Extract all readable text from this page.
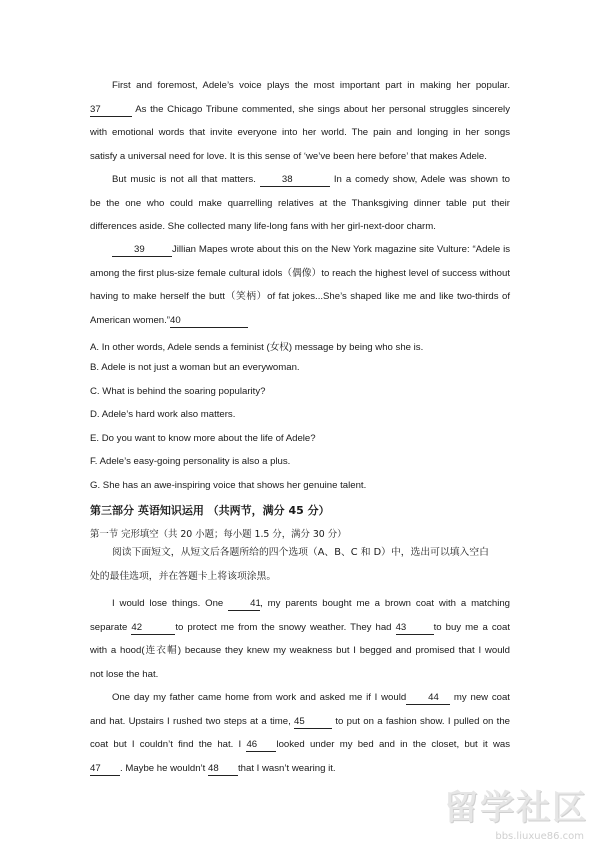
First and foremost, Adele’s voice plays the most important part in making her popular.
37	As the Chicago Tribune commented, she sings about her personal struggles sincerely
with emotional words that invite everyone into her world. The pain and longing in her songs
satisfy a universal need for love. It is this sense of ‘we’ve been here before’ that makes Adele.
But music is not all that matters. 38	In a comedy show, Adele was shown to
be the one who could make quarrelling relatives at the Thanksgiving dinner table put their
differences aside. She collected many life-long fans with her girl-next-door charm.
39	Jillian Mapes wrote about this on the New York magazine site Vulture: “Adele is
among the first plus-size female cultural idols（偶像）to reach the highest level of success without
having to make herself the butt（笑柄）of fat jokes...She’s shaped like me and like two-thirds of
American women.”40

A. In other words, Adele sends a feminist (女权) message by being who she is.

B. Adele is not just a woman but an everywoman.

C. What is behind the soaring popularity?

D. Adele’s hard work also matters.

E. Do you want to know more about the life of Adele?

F. Adele’s easy-going personality is also a plus.

G. She has an awe-inspiring voice that shows her genuine talent.

第三部分 英语知识运用 （共两节，满分 45 分）

第一节 完形填空（共 20 小题；每小题 1.5 分，满分 30 分）

阅读下面短文，从短文后各题所给的四个选项（A、B、C 和 D）中，选出可以填入空白
处的最佳选项，并在答题卡上将该项涂黑。
I would lose things. One 41, my parents bought me a brown coat with a matching
separate 42	to protect me from the snowy weather. They had 43	to buy me a coat
with a hood(连衣帽) because they knew my weakness but I begged and promised that I would
not lose the hat.
One day my father came home from work and asked me if I would 44 my new coat
and hat. Upstairs I rushed two steps at a time, 45	to put on a fashion show. I pulled on the
coat but I couldn’t find the hat. I 46 looked under my bed and in the closet, but it was
47 . Maybe he wouldn’t 48 that I wasn’t wearing it.
留学社区
bbs.liuxue86.com
